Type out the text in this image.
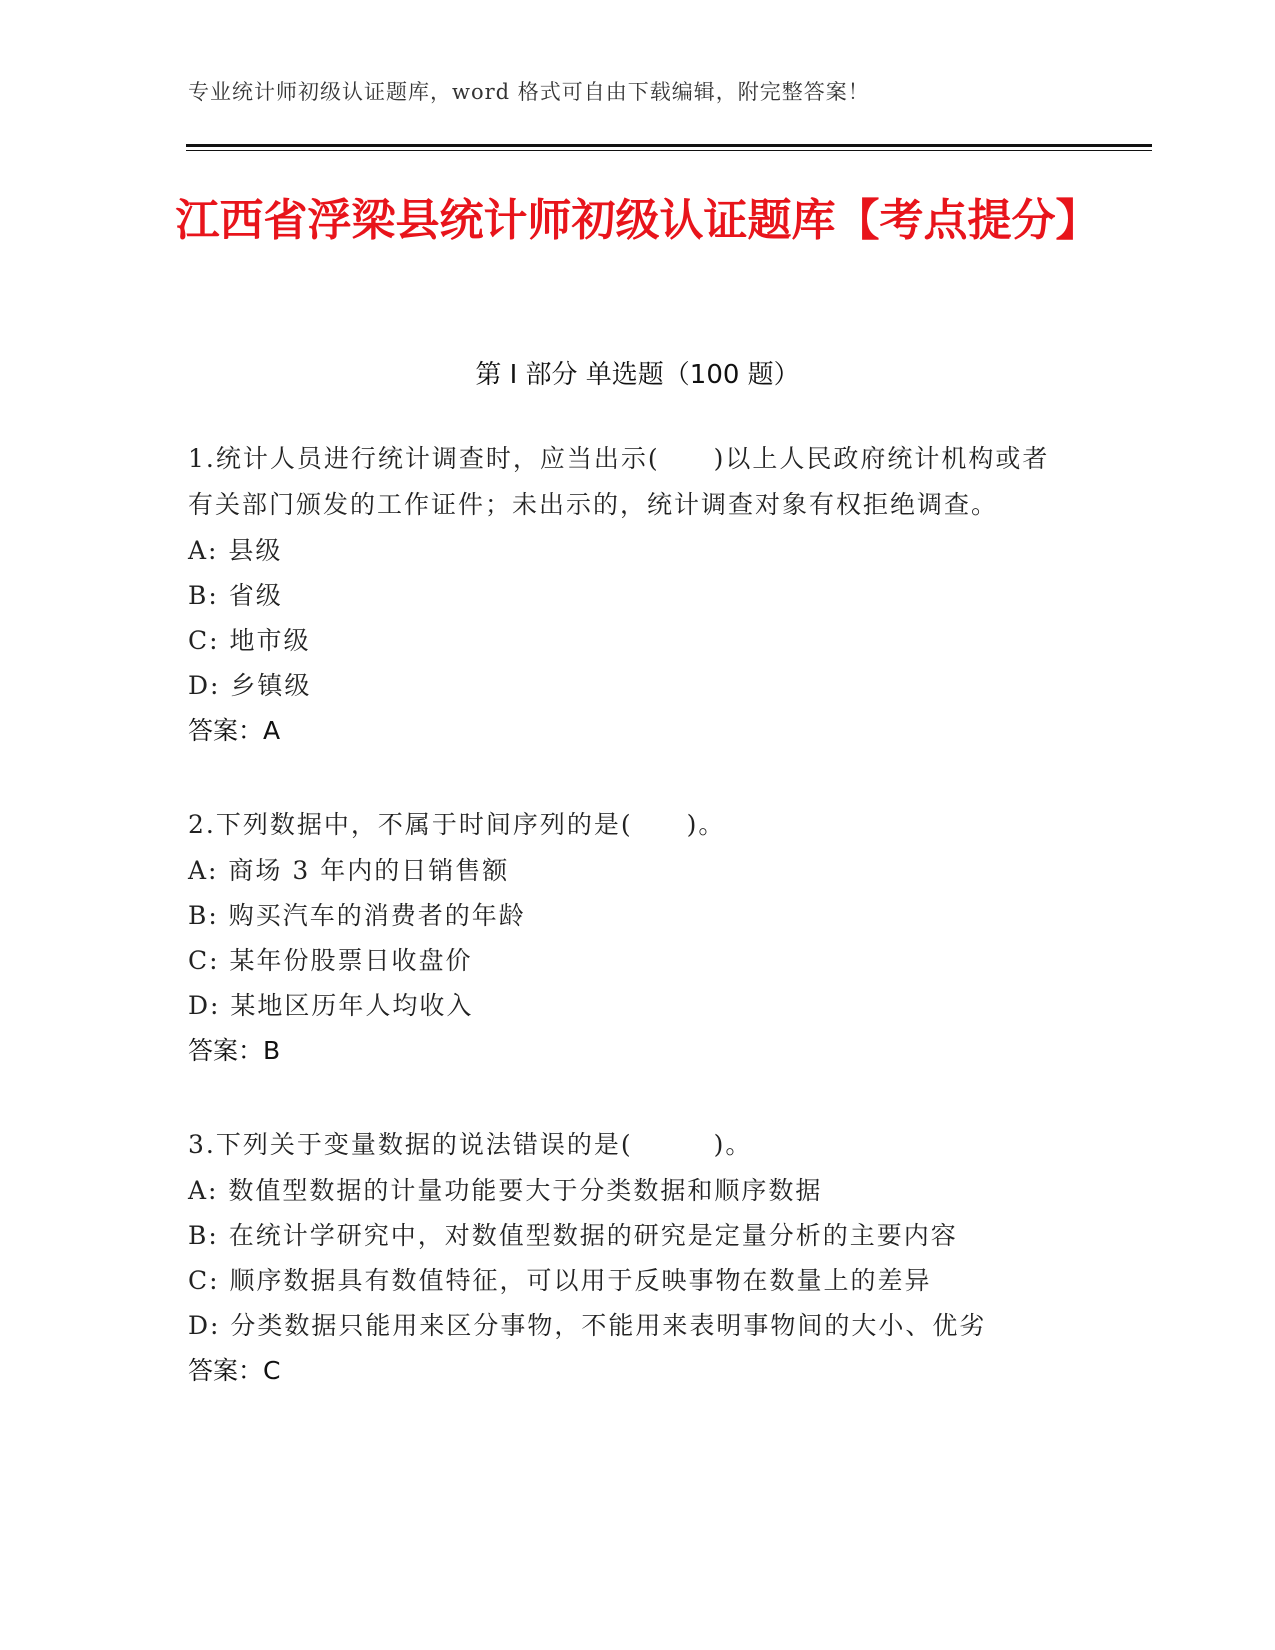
专业统计师初级认证题库，word 格式可自由下载编辑，附完整答案！
江西省浮梁县统计师初级认证题库【考点提分】
第 I 部分 单选题（100 题）
1.统计人员进行统计调查时，应当出示(　　)以上人民政府统计机构或者有关部门颁发的工作证件；未出示的，统计调查对象有权拒绝调查。
A: 县级
B: 省级
C: 地市级
D: 乡镇级
答案：A
2.下列数据中，不属于时间序列的是(　　)。
A: 商场 3 年内的日销售额
B: 购买汽车的消费者的年龄
C: 某年份股票日收盘价
D: 某地区历年人均收入
答案：B
3.下列关于变量数据的说法错误的是(　　　)。
A: 数值型数据的计量功能要大于分类数据和顺序数据
B: 在统计学研究中，对数值型数据的研究是定量分析的主要内容
C: 顺序数据具有数值特征，可以用于反映事物在数量上的差异
D: 分类数据只能用来区分事物，不能用来表明事物间的大小、优劣
答案：C
